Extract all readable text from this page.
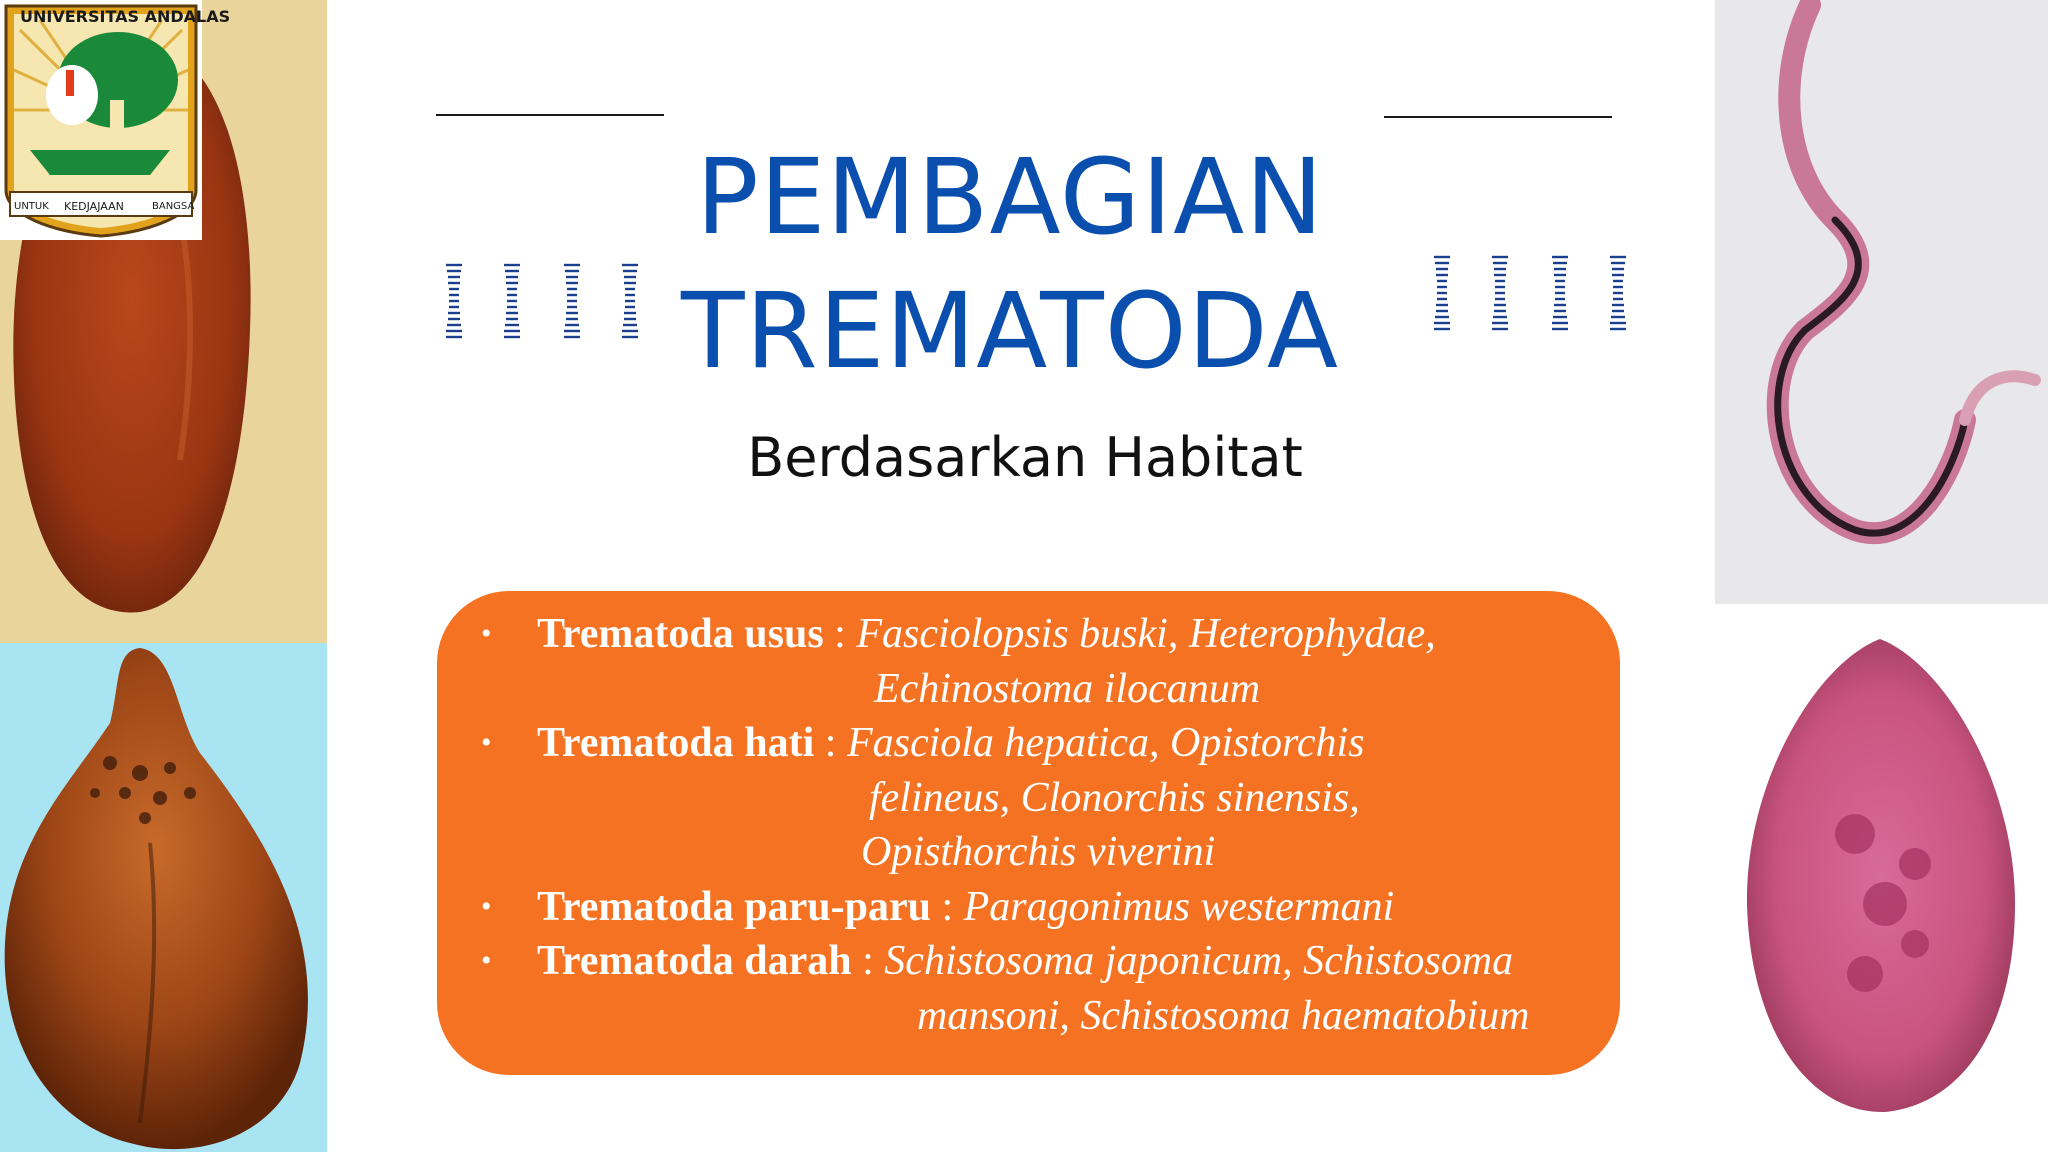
UNIVERSITAS ANDALAS
UNTUK KEDJAJAAN	BANGSA	PEMBAGIAN
TREMATODA
Berdasarkan Habitat
• Trematoda usus : Fasciolopsis buski, Heterophydae,
Echinostoma ilocanum
• Trematoda hati : Fasciola hepatica, Opistorchis
felineus, Clonorchis sinensis,
Opisthorchis viverini
• Trematoda paru-paru : Paragonimus westermani
• Trematoda darah : Schistosoma japonicum, Schistosoma
mansoni, Schistosoma haematobium
